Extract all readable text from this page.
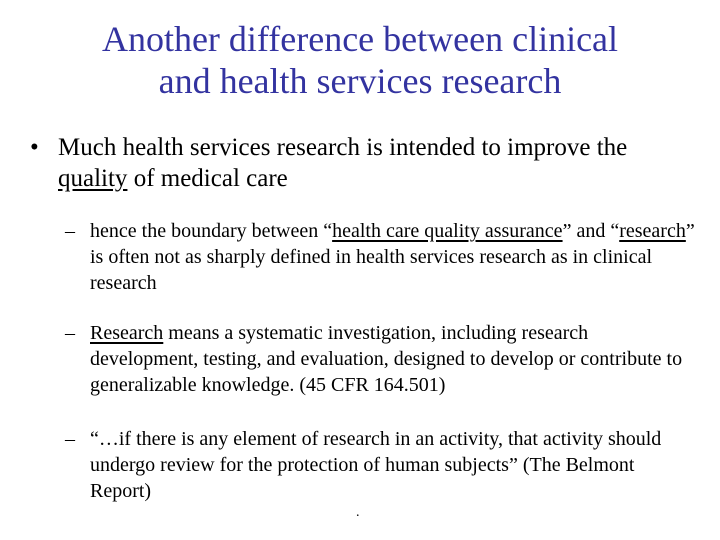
Another difference between clinical
and health services research
• Much health services research is intended to improve the quality of medical care
– hence the boundary between “health care quality assurance” and “research” is often not as sharply defined in health services research as in clinical research
– Research means a systematic investigation, including research development, testing, and evaluation, designed to develop or contribute to generalizable knowledge. (45 CFR 164.501)
– “…if there is any element of research in an activity, that activity should undergo review for the protection of human subjects” (The Belmont Report)
.
